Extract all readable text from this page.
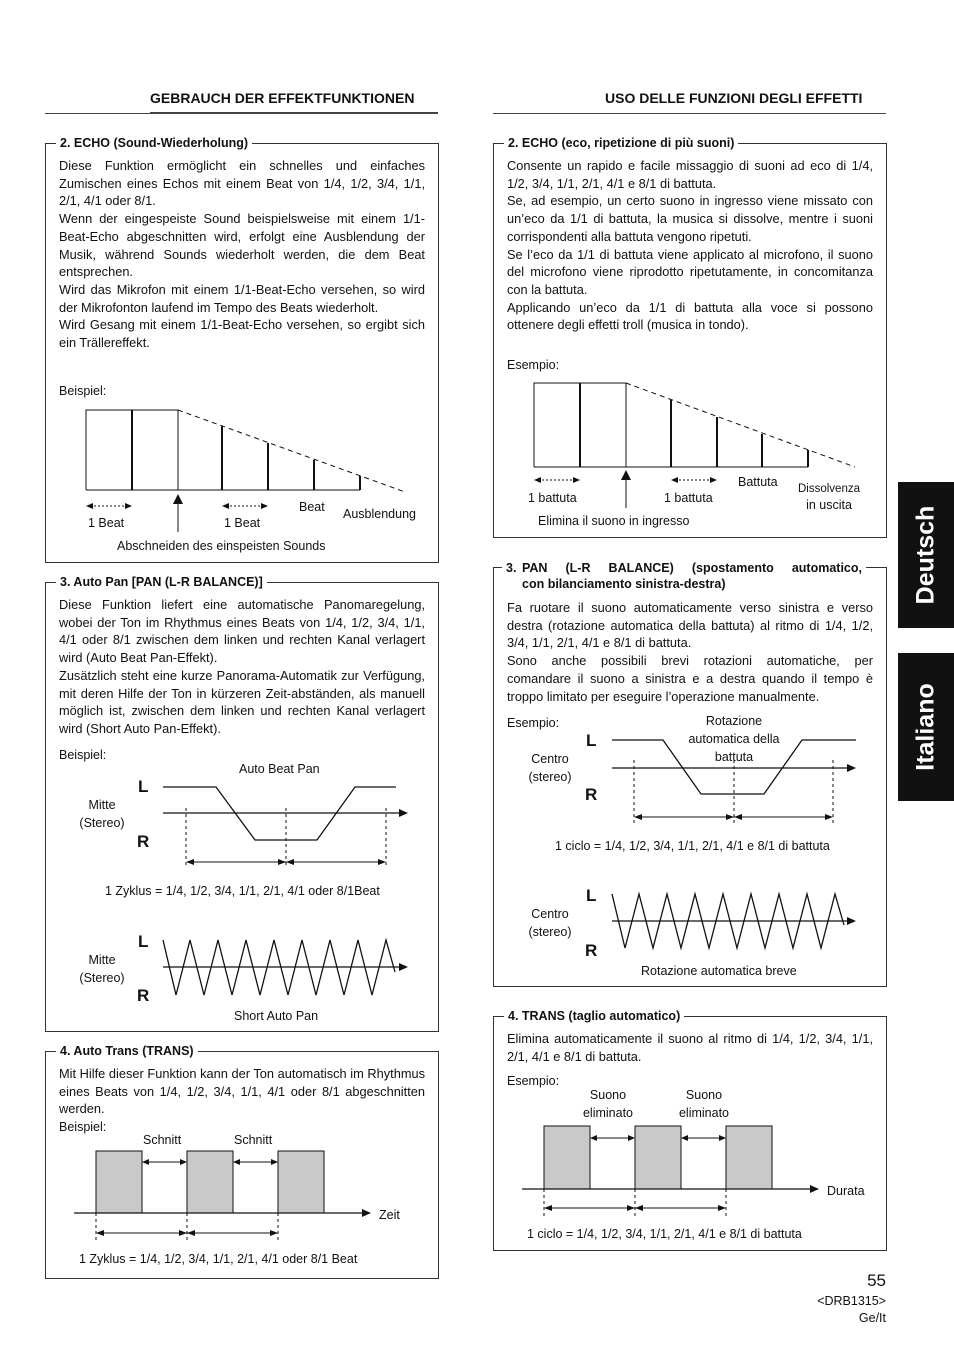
GEBRAUCH DER EFFEKTFUNKTIONEN	USO DELLE FUNZIONI DEGLI EFFETTI
2. ECHO (Sound-Wiederholung)

Diese Funktion ermöglicht ein schnelles und einfaches Zumischen eines Echos mit einem Beat von 1/4, 1/2, 3/4, 1/1, 2/1, 4/1 oder 8/1.

Wenn der eingespeiste Sound beispielsweise mit einem 1/1-Beat-Echo abgeschnitten wird, erfolgt eine Ausblendung der Musik, während Sounds wiederholt werden, die dem Beat entsprechen.

Wird das Mikrofon mit einem 1/1-Beat-Echo versehen, so wird der Mikrofonton laufend im Tempo des Beats wiederholt.

Wird Gesang mit einem 1/1-Beat-Echo versehen, so ergibt sich ein Trällereffekt.

Beispiel:
1 Beat	1 Beat
Beat Ausblendung
Abschneiden des einspeisten Sounds
3. Auto Pan [PAN (L-R BALANCE)]

Diese Funktion liefert eine automatische Panomaregelung, wobei der Ton im Rhythmus eines Beats von 1/4, 1/2, 3/4, 1/1, 4/1 oder 8/1 zwischen dem linken und rechten Kanal verlagert wird (Auto Beat Pan-Effekt).

Zusätzlich steht eine kurze Panorama-Automatik zur Verfügung, mit deren Hilfe der Ton in kürzeren Zeit-abständen, als manuell möglich ist, zwischen dem linken und rechten Kanal verlagert wird (Short Auto Pan-Effekt).

Beispiel:
Auto Beat Pan
L
R
Mitte
(Stereo)
1 Zyklus = 1/4, 1/2, 3/4, 1/1, 2/1, 4/1 oder 8/1Beat
L
R
Mitte
(Stereo)
Short Auto Pan
4. Auto Trans (TRANS)

Mit Hilfe dieser Funktion kann der Ton automatisch im Rhythmus eines Beats von 1/4, 1/2, 3/4, 1/1, 4/1 oder 8/1 abgeschnitten werden.

Beispiel:
Schnitt	Schnitt
Zeit
1 Zyklus = 1/4, 1/2, 3/4, 1/1, 2/1, 4/1 oder 8/1 Beat
2. ECHO (eco, ripetizione di più suoni)

Consente un rapido e facile missaggio di suoni ad eco di 1/4, 1/2, 3/4, 1/1, 2/1, 4/1 e 8/1 di battuta.

Se, ad esempio, un certo suono in ingresso viene missato con un’eco da 1/1 di battuta, la musica si dissolve, mentre i suoni corrispondenti alla battuta vengono ripetuti.

Se l’eco da 1/1 di battuta viene applicato al microfono, il suono del microfono viene riprodotto ripetutamente, in concomitanza con la battuta.

Applicando un’eco da 1/1 di battuta alla voce si possono ottenere degli effetti troll (musica in tondo).

Esempio:
1 battuta	1 battuta
Battuta	Dissolvenza
in uscita
Elimina il suono in ingresso
3. PAN (L-R BALANCE) (spostamento automatico,
con bilanciamento sinistra-destra)

Fa ruotare il suono automaticamente verso sinistra e verso destra (rotazione automatica della battuta) al ritmo di 1/4, 1/2, 3/4, 1/1, 2/1, 4/1 e 8/1 di battuta.

Sono anche possibili brevi rotazioni automatiche, per comandare il suono a sinistra e a destra quando il tempo è troppo limitato per eseguire l’operazione manualmente.

Esempio:	Rotazione
automatica della
battuta
L
R
Centro
(stereo)
1 ciclo = 1/4, 1/2, 3/4, 1/1, 2/1, 4/1 e 8/1 di battuta
L
R
Centro
(stereo)
Rotazione automatica breve
4. TRANS (taglio automatico)

Elimina automaticamente il suono al ritmo di 1/4, 1/2, 3/4, 1/1, 2/1, 4/1 e 8/1 di battuta.

Esempio:
Suono
eliminato
Suono
eliminato
Durata
1 ciclo = 1/4, 1/2, 3/4, 1/1, 2/1, 4/1 e 8/1 di battuta
Deutsch
Italiano
55
<DRB1315>
Ge/It
